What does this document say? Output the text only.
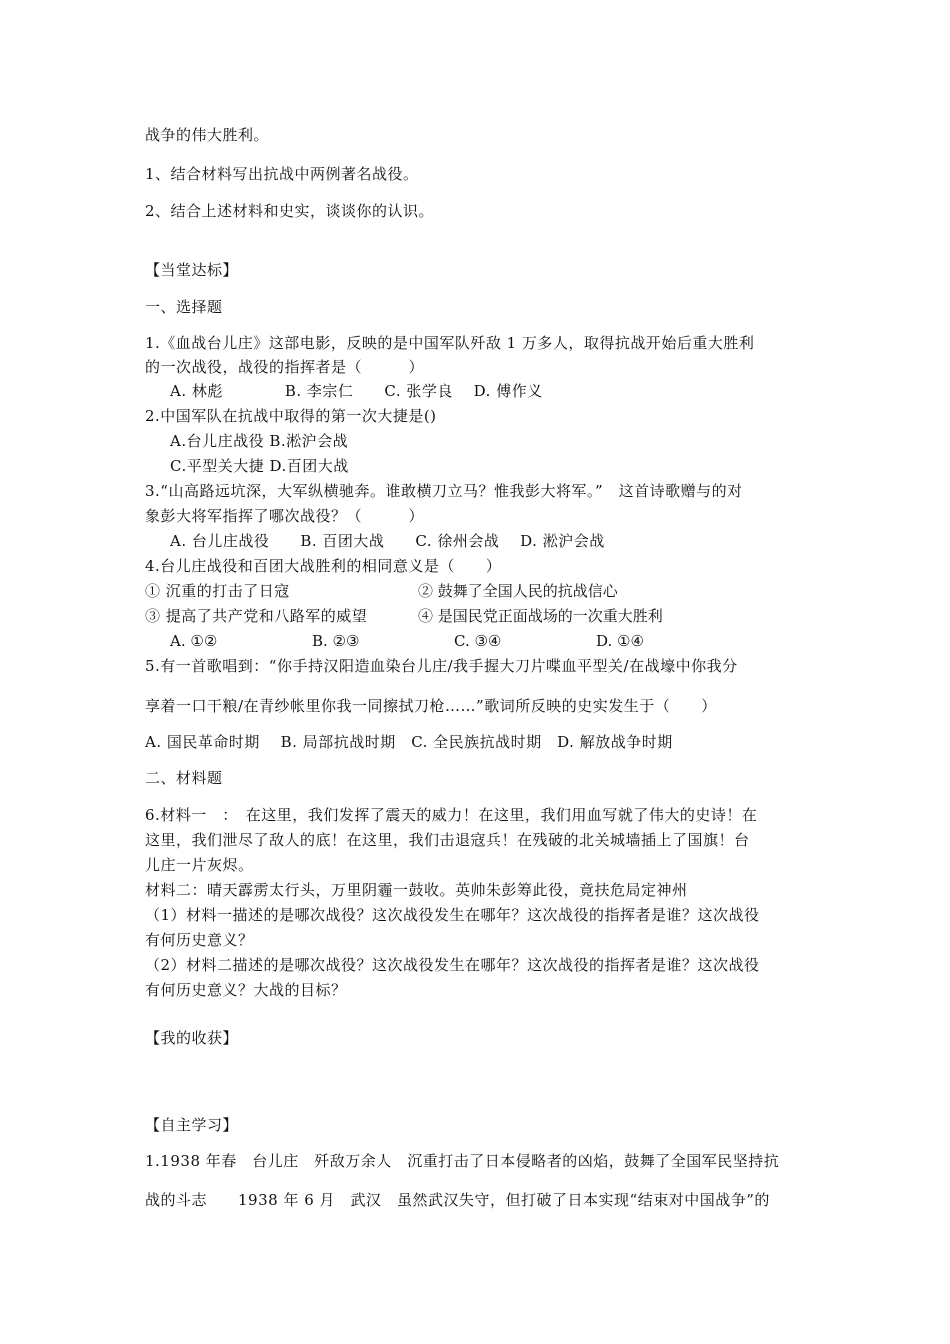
战争的伟大胜利。

1、结合材料写出抗战中两例著名战役。

2、结合上述材料和史实，谈谈你的认识。

【当堂达标】

一、选择题

1.《血战台儿庄》这部电影，反映的是中国军队歼敌 1 万多人，取得抗战开始后重大胜利

的一次战役，战役的指挥者是（　　　）

A. 林彪　　　　B. 李宗仁　　C. 张学良　 D. 傅作义

2.中国军队在抗战中取得的第一次大捷是()

A.台儿庄战役 B.淞沪会战

C.平型关大捷 D.百团大战

3.“山高路远坑深，大军纵横驰奔。谁敢横刀立马？惟我彭大将军。”　这首诗歌赠与的对

象彭大将军指挥了哪次战役？（　　　）

A. 台儿庄战役　　B. 百团大战　　C. 徐州会战　 D. 淞沪会战

4.台儿庄战役和百团大战胜利的相同意义是（　　）

① 沉重的打击了日寇	② 鼓舞了全国人民的抗战信心

③ 提高了共产党和八路军的威望	④ 是国民党正面战场的一次重大胜利

A. ①②	B. ②③	C. ③④	D. ①④

5.有一首歌唱到：“你手持汉阳造血染台儿庄/我手握大刀片喋血平型关/在战壕中你我分

享着一口干粮/在青纱帐里你我一同擦拭刀枪……”歌词所反映的史实发生于（　　）

A. 国民革命时期　 B. 局部抗战时期　C. 全民族抗战时期　D. 解放战争时期

二、材料题

6.材料一　：　在这里，我们发挥了震天的威力！在这里，我们用血写就了伟大的史诗！在

这里，我们泄尽了敌人的底！在这里，我们击退寇兵！在残破的北关城墙插上了国旗！台

儿庄一片灰烬。

材料二：晴天霹雳太行头，万里阴霾一鼓收。英帅朱彭筹此役，竟扶危局定神州

（1）材料一描述的是哪次战役？这次战役发生在哪年？这次战役的指挥者是谁？这次战役

有何历史意义？

（2）材料二描述的是哪次战役？这次战役发生在哪年？这次战役的指挥者是谁？这次战役

有何历史意义？大战的目标？

【我的收获】

【自主学习】

1.1938 年春　台儿庄　歼敌万余人　沉重打击了日本侵略者的凶焰，鼓舞了全国军民坚持抗

战的斗志　　1938 年 6 月　武汉　虽然武汉失守，但打破了日本实现“结束对中国战争”的
